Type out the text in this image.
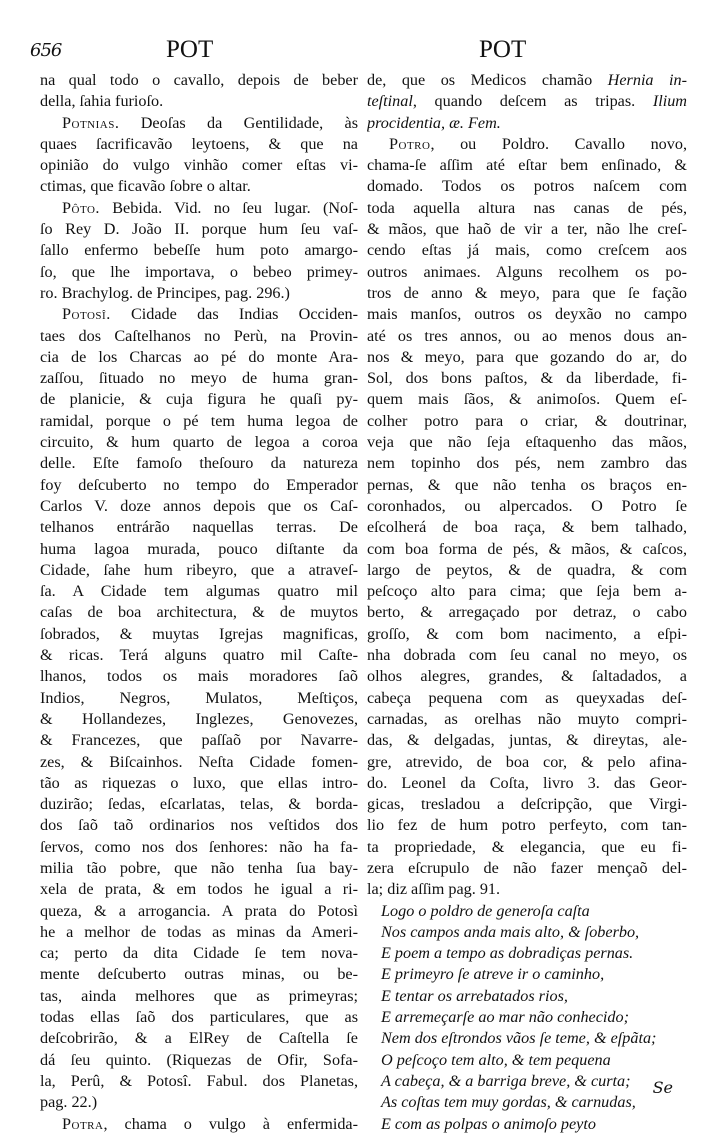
656	POT	POT
na qual todo o cavallo, depois de beber
della, ſahia furioſo.
Potnias. Deoſas da Gentilidade, às
quaes ſacrificavão leytoens, & que na
opinião do vulgo vinhão comer eſtas vi-
ctimas, que ficavão ſobre o altar.
Pôto. Bebida. Vid. no ſeu lugar. (Noſ-
ſo Rey D. João II. porque hum ſeu vaſ-
ſallo enfermo bebeſſe hum poto amargo-
ſo, que lhe importava, o bebeo primey-
ro. Brachylog. de Principes, pag. 296.)
Potosî. Cidade das Indias Occiden-
taes dos Caſtelhanos no Perù, na Provin-
cia de los Charcas ao pé do monte Ara-
zaſſou, ſituado no meyo de huma gran-
de planicie, & cuja figura he quaſi py-
ramidal, porque o pé tem huma legoa de
circuito, & hum quarto de legoa a coroa
delle. Eſte famoſo theſouro da natureza
foy deſcuberto no tempo do Emperador
Carlos V. doze annos depois que os Caſ-
telhanos entrárão naquellas terras. De
huma lagoa murada, pouco diſtante da
Cidade, ſahe hum ribeyro, que a atraveſ-
ſa. A Cidade tem algumas quatro mil
caſas de boa architectura, & de muytos
ſobrados, & muytas Igrejas magnificas,
& ricas. Terá alguns quatro mil Caſte-
lhanos, todos os mais moradores ſaõ
Indios, Negros, Mulatos, Meſtiços,
& Hollandezes, Inglezes, Genovezes,
& Francezes, que paſſaõ por Navarre-
zes, & Biſcainhos. Neſta Cidade fomen-
tão as riquezas o luxo, que ellas intro-
duzirão; ſedas, eſcarlatas, telas, & borda-
dos ſaõ taõ ordinarios nos veſtidos dos
ſervos, como nos dos ſenhores: não ha fa-
milia tão pobre, que não tenha ſua bay-
xela de prata, & em todos he igual a ri-
queza, & a arrogancia. A prata do Potosì
he a melhor de todas as minas da Ameri-
ca; perto da dita Cidade ſe tem nova-
mente deſcuberto outras minas, ou be-
tas, ainda melhores que as primeyras;
todas ellas ſaõ dos particulares, que as
deſcobrirão, & a ElRey de Caſtella ſe
dá ſeu quinto. (Riquezas de Ofir, Sofa-
la, Perû, & Potosî. Fabul. dos Planetas,
pag. 22.)
Potra, chama o vulgo à enfermida-
de, que os Medicos chamão Hernia in-
teſtinal, quando deſcem as tripas. Ilium
procidentia, æ. Fem.
Potro, ou Poldro. Cavallo novo,
chama-ſe aſſim até eſtar bem enſinado, &
domado. Todos os potros naſcem com
toda aquella altura nas canas de pés,
& mãos, que haõ de vir a ter, não lhe creſ-
cendo eſtas já mais, como creſcem aos
outros animaes. Alguns recolhem os po-
tros de anno & meyo, para que ſe fação
mais manſos, outros os deyxão no campo
até os tres annos, ou ao menos dous an-
nos & meyo, para que gozando do ar, do
Sol, dos bons paſtos, & da liberdade, fi-
quem mais ſãos, & animoſos. Quem eſ-
colher potro para o criar, & doutrinar,
veja que não ſeja eſtaquenho das mãos,
nem topinho dos pés, nem zambro das
pernas, & que não tenha os braços en-
coronhados, ou alpercados. O Potro ſe
eſcolherá de boa raça, & bem talhado,
com boa forma de pés, & mãos, & caſcos,
largo de peytos, & de quadra, & com
peſcoço alto para cima; que ſeja bem a-
berto, & arregaçado por detraz, o cabo
groſſo, & com bom nacimento, a eſpi-
nha dobrada com ſeu canal no meyo, os
olhos alegres, grandes, & ſaltadados, a
cabeça pequena com as queyxadas deſ-
carnadas, as orelhas não muyto compri-
das, & delgadas, juntas, & direytas, ale-
gre, atrevido, de boa cor, & pelo afina-
do. Leonel da Coſta, livro 3. das Geor-
gicas, tresladou a deſcripção, que Virgi-
lio fez de hum potro perfeyto, com tan-
ta propriedade, & elegancia, que eu fi-
zera eſcrupulo de não fazer mençaõ del-
la; diz aſſim pag. 91.
Logo o poldro de generoſa caſta
Nos campos anda mais alto, & ſoberbo,
E poem a tempo as dobradiças pernas.
E primeyro ſe atreve ir o caminho,
E tentar os arrebatados rios,
E arremeçarſe ao mar não conhecido;
Nem dos eſtrondos vãos ſe teme, & eſpãta;
O peſcoço tem alto, & tem pequena
A cabeça, & a barriga breve, & curta;
As coſtas tem muy gordas, & carnudas,
E com as polpas o animoſo peyto
Se
